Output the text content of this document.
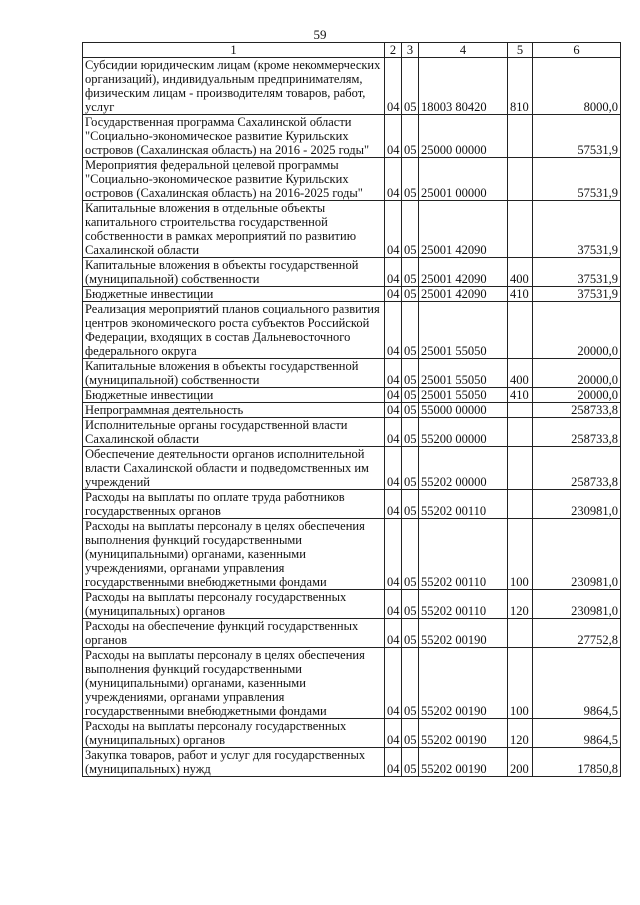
59
1	2	3	4	5	6
Субсидии юридическим лицам (кроме некоммерческих организаций), индивидуальным предпринимателям, физическим лицам - производителям товаров, работ, услуг	04	05	18003 80420	810	8000,0
Государственная программа Сахалинской области "Социально-экономическое развитие Курильских островов (Сахалинская область) на 2016 - 2025 годы"	04	05	25000 00000		57531,9
Мероприятия федеральной целевой программы "Социально-экономическое развитие Курильских островов (Сахалинская область) на 2016-2025 годы"	04	05	25001 00000		57531,9
Капитальные вложения в отдельные объекты капитального строительства государственной собственности в рамках мероприятий по развитию Сахалинской области	04	05	25001 42090		37531,9
Капитальные вложения в объекты государственной (муниципальной) собственности	04	05	25001 42090	400	37531,9
Бюджетные инвестиции	04	05	25001 42090	410	37531,9
Реализация мероприятий планов социального развития центров экономического роста субъектов Российской Федерации, входящих в состав Дальневосточного федерального округа	04	05	25001 55050		20000,0
Капитальные вложения в объекты государственной (муниципальной) собственности	04	05	25001 55050	400	20000,0
Бюджетные инвестиции	04	05	25001 55050	410	20000,0
Непрограммная деятельность	04	05	55000 00000		258733,8
Исполнительные органы государственной власти Сахалинской области	04	05	55200 00000		258733,8
Обеспечение деятельности органов исполнительной власти Сахалинской области и подведомственных им учреждений	04	05	55202 00000		258733,8
Расходы на выплаты по оплате труда работников государственных органов	04	05	55202 00110		230981,0
Расходы на выплаты персоналу в целях обеспечения выполнения функций государственными (муниципальными) органами, казенными учреждениями, органами управления государственными внебюджетными фондами	04	05	55202 00110	100	230981,0
Расходы на выплаты персоналу государственных (муниципальных) органов	04	05	55202 00110	120	230981,0
Расходы на обеспечение функций государственных органов	04	05	55202 00190		27752,8
Расходы на выплаты персоналу в целях обеспечения выполнения функций государственными (муниципальными) органами, казенными учреждениями, органами управления государственными внебюджетными фондами	04	05	55202 00190	100	9864,5
Расходы на выплаты персоналу государственных (муниципальных) органов	04	05	55202 00190	120	9864,5
Закупка товаров, работ и услуг для государственных (муниципальных) нужд	04	05	55202 00190	200	17850,8
